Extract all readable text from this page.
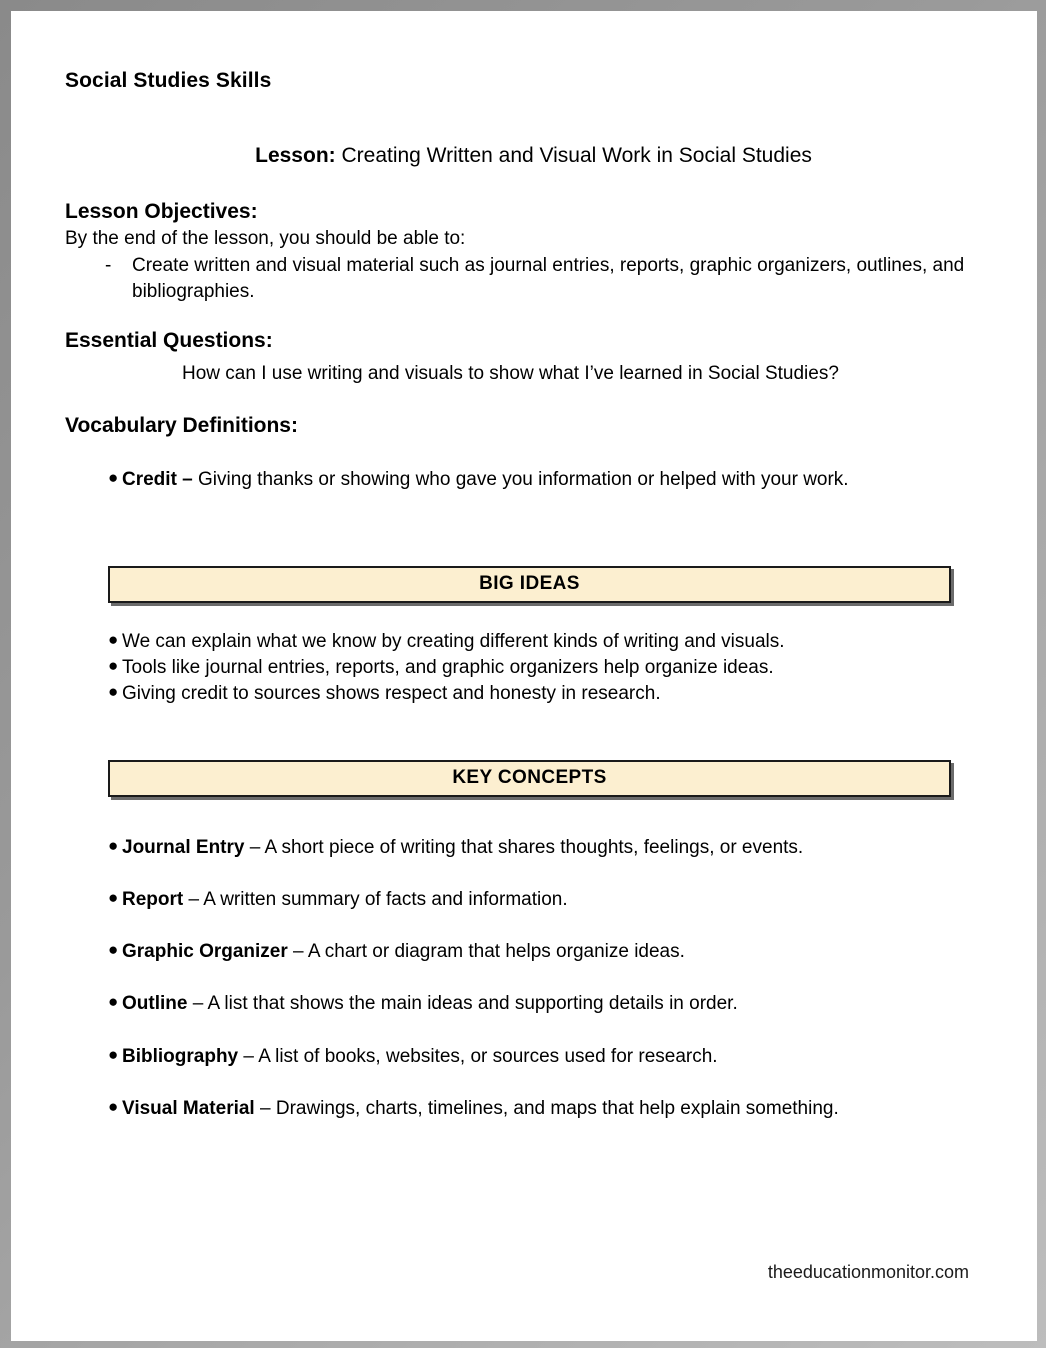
Social Studies Skills

Lesson: Creating Written and Visual Work in Social Studies

Lesson Objectives:

By the end of the lesson, you should be able to:

- Create written and visual material such as journal entries, reports, graphic organizers, outlines, and bibliographies.
Essential Questions:

How can I use writing and visuals to show what I’ve learned in Social Studies?

Vocabulary Definitions:
● Credit – Giving thanks or showing who gave you information or helped with your work.
BIG IDEAS
● We can explain what we know by creating different kinds of writing and visuals.
● Tools like journal entries, reports, and graphic organizers help organize ideas.
● Giving credit to sources shows respect and honesty in research.
KEY CONCEPTS
● Journal Entry – A short piece of writing that shares thoughts, feelings, or events.
● Report – A written summary of facts and information.
● Graphic Organizer – A chart or diagram that helps organize ideas.
● Outline – A list that shows the main ideas and supporting details in order.
● Bibliography – A list of books, websites, or sources used for research.
● Visual Material – Drawings, charts, timelines, and maps that help explain something.
theeducationmonitor.com
